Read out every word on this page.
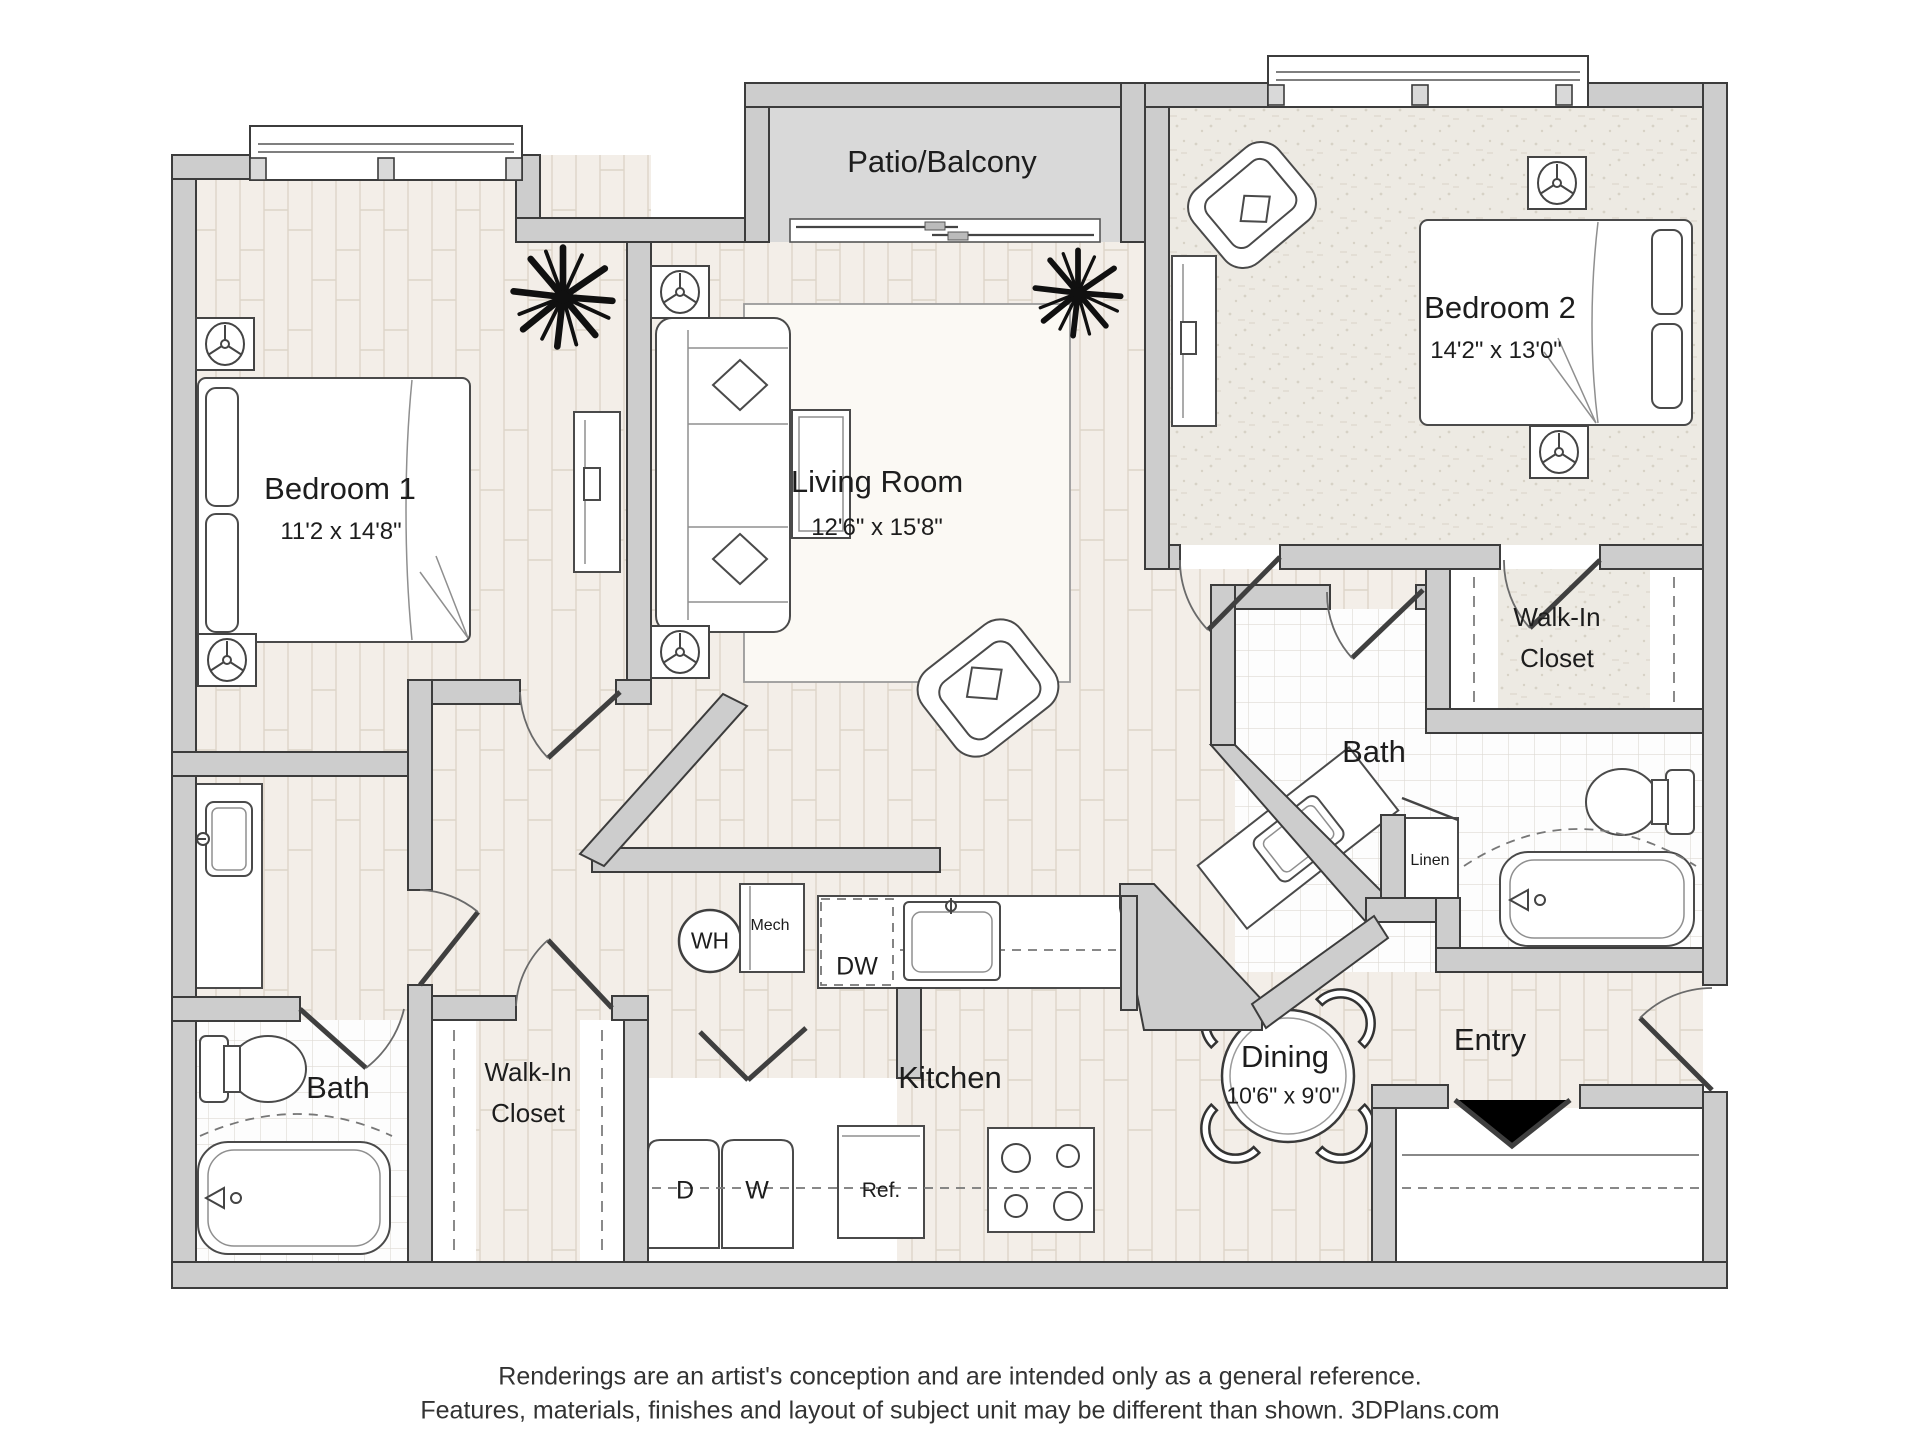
Patio/Balcony
Living Room
12'6" x 15'8"
Bedroom 1
11'2 x 14'8"
Bedroom 2
14'2" x 13'0"
Walk-In
Closet
Bath
Linen
Dining
10'6" x 9'0"
Entry
Kitchen
Walk-In
Closet
Bath
WH
Mech
DW
D W	Ref.
Renderings are an artist's conception and are intended only as a general reference.
Features, materials, finishes and layout of subject unit may be different than shown. 3DPlans.com
